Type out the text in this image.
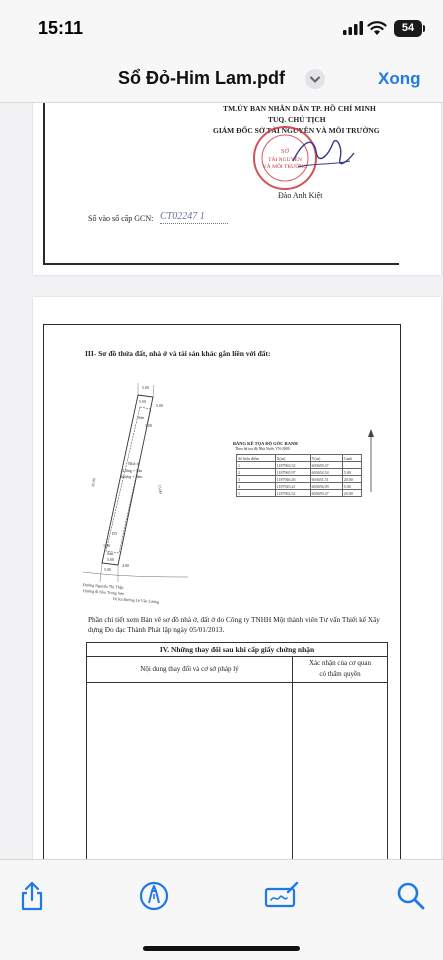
15:11	54
Sổ Đỏ-Him Lam.pdf	Xong
TM.ỦY BAN NHÂN DÂN TP. HỒ CHÍ MINH
TUQ. CHỦ TỊCH
GIÁM ĐỐC SỞ TÀI NGUYÊN VÀ MÔI TRƯỜNG
SỞ
TÀI NGUYÊN
VÀ MÔI TRƯỜNG
Đào Anh Kiệt
Số vào sổ cấp GCN: CT02247 1
III- Sơ đồ thửa đất, nhà ở và tài sản khác gắn liền với đất:
5.00
5.00
15.00
20.00
1.00
1.00
4.00
5.00
5.00
5.00
Sân
Nhà ở
4 tầng + Sân
thượng + hầm
DT
Sân
Đường Nguyễn Thị Thập
Hướng đi Khu Trung Sơn
Đi Ra Đường Lê Văn Lương
BẢNG KÊ TỌA ĐỘ GÓC RANH
Theo hệ tọa độ Nhà Nước VN-2000
Số hiệu điểm	X(m)	Y(m)	Cạnh
1	1187963.52	603659.47	
2	1187965.97	603654.54	5.00
3	1187946.26	603651.51	20.00
4	1187945.41	603656.09	5.00
1	1187963.52	603659.47	20.00
Phần chi tiết xem Bản vẽ sơ đồ nhà ở, đất ở do Công ty TNHH Một thành viên Tư vấn Thiết kế Xây dựng Đo đạc Thành Phát lập ngày 05/01/2013.
IV. Những thay đổi sau khi cấp giấy chứng nhận
Nội dung thay đổi và cơ sở pháp lý
Xác nhận của cơ quan
có thẩm quyền
